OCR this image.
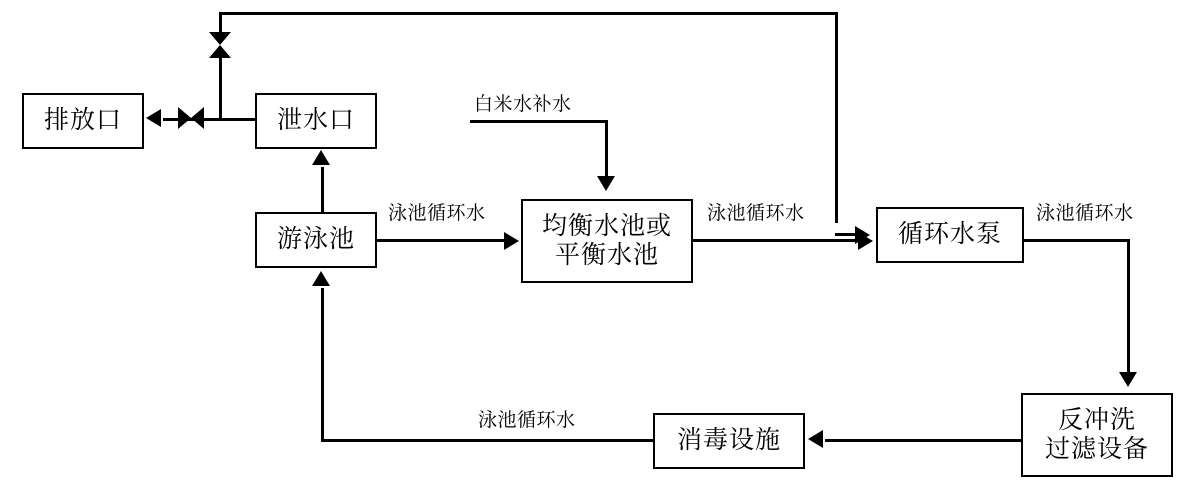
排放口	泄水口
游泳池
均衡水池或
平衡水池
循环水泵
反冲洗
过滤设备
消毒设施
白米水补水
泳池循环水	泳池循环水	泳池循环水
泳池循环水
